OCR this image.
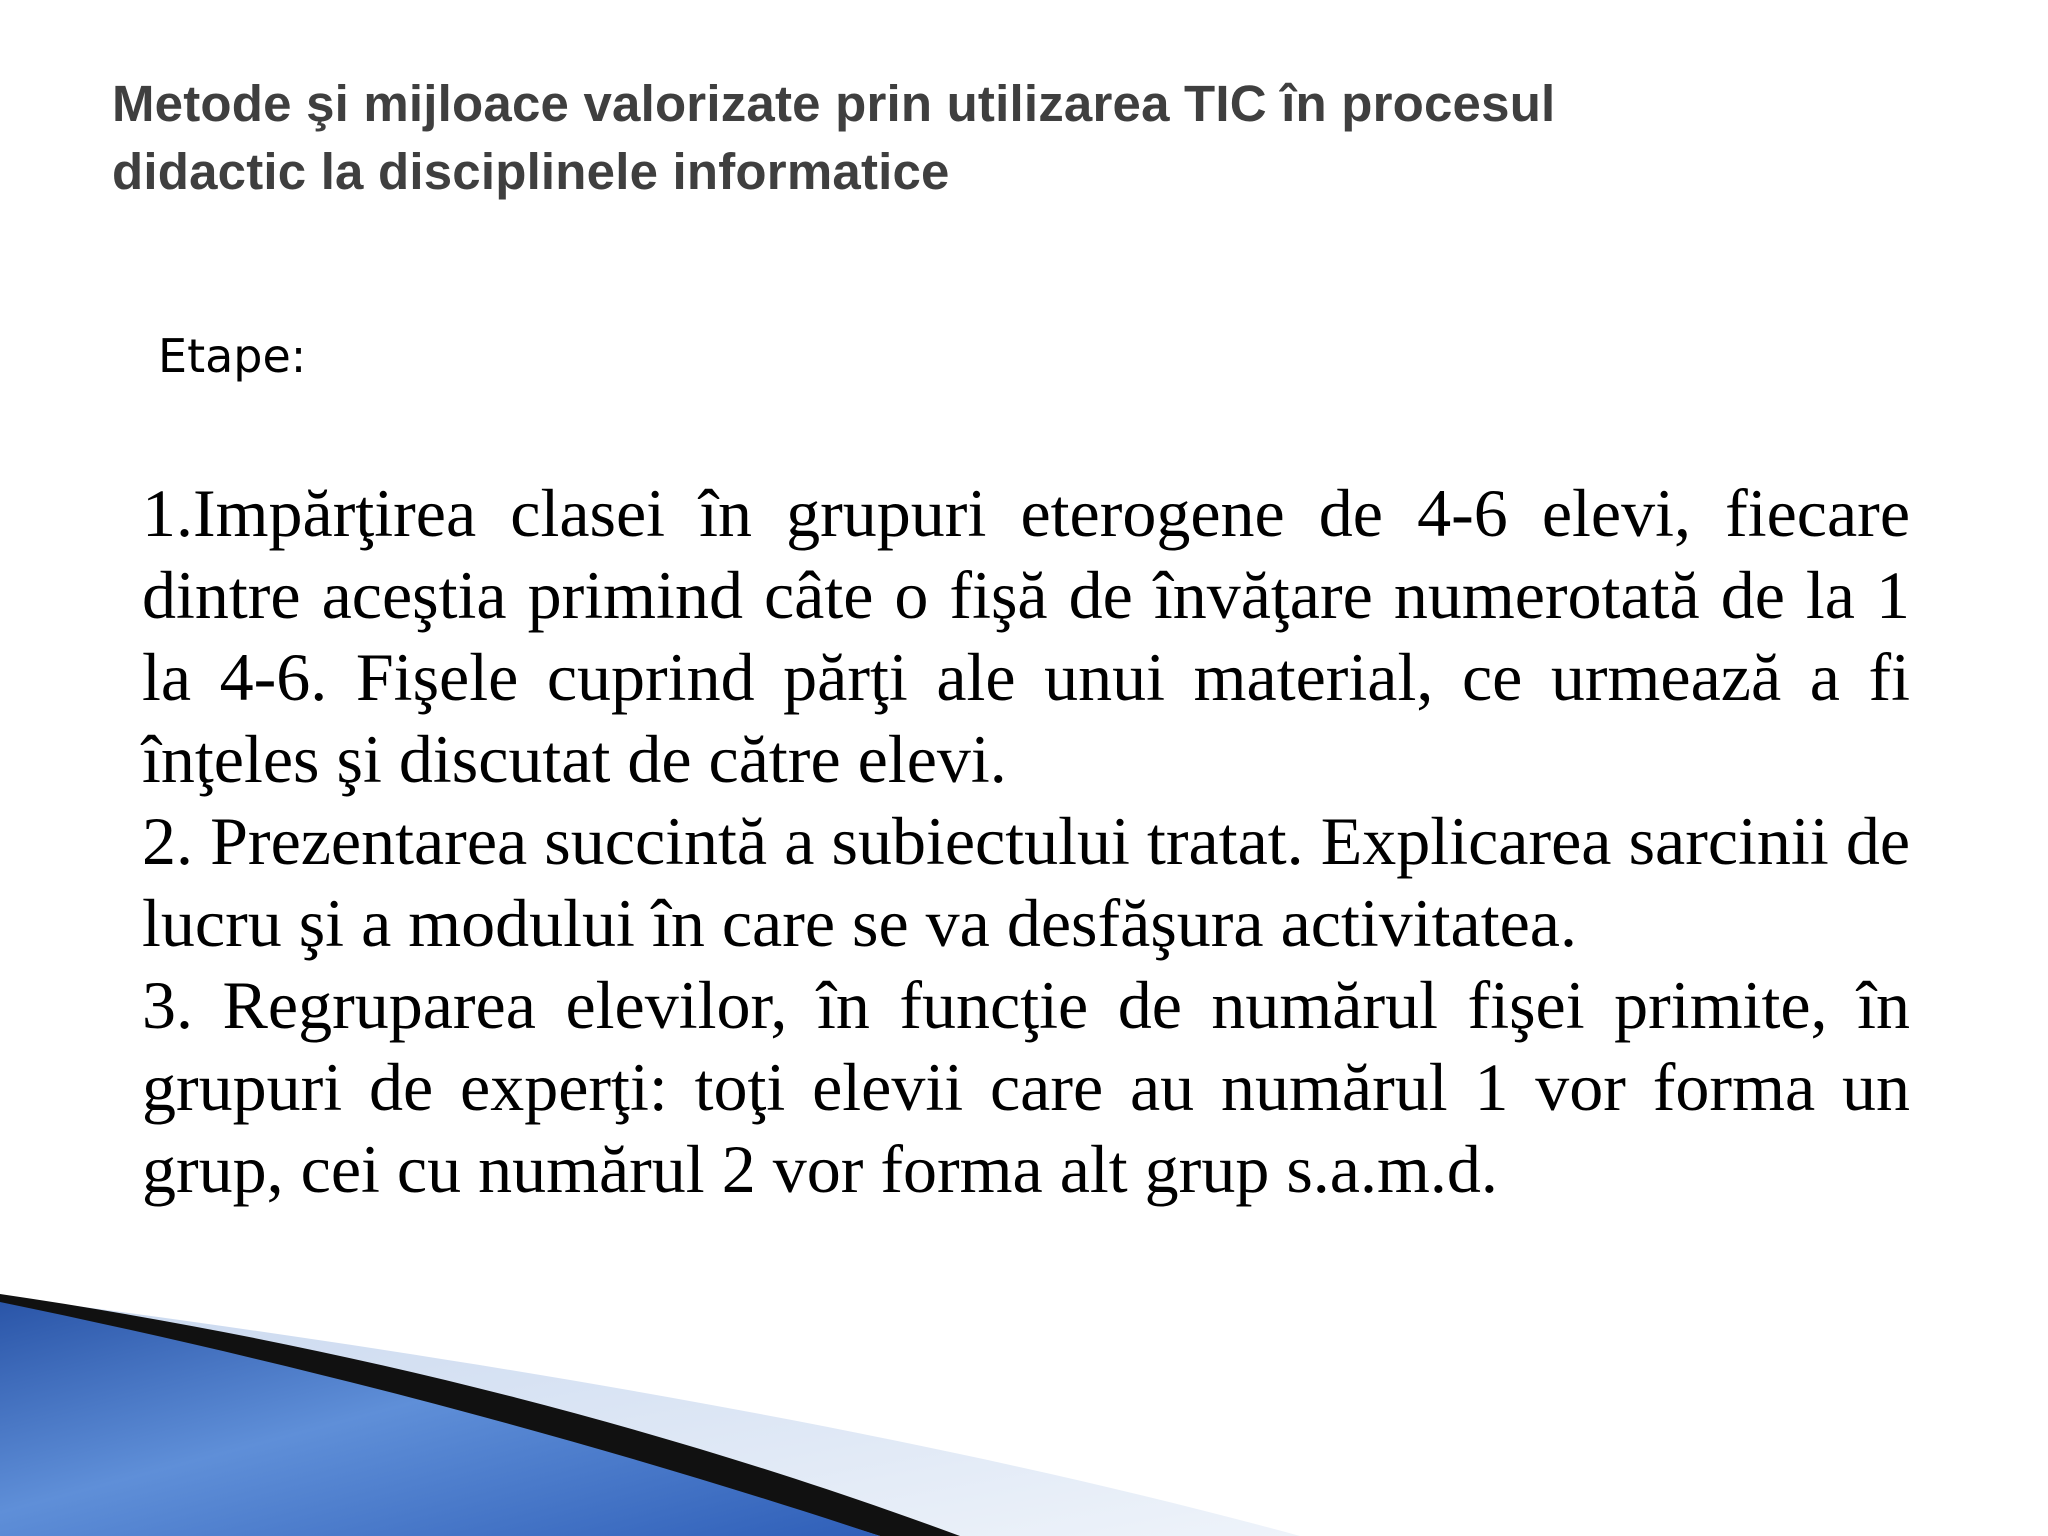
Metode şi mijloace valorizate prin utilizarea TIC în procesul didactic la disciplinele informatice
Etape:

1.Impărţirea clasei în grupuri eterogene de 4-6 elevi, fiecare dintre aceştia primind câte o fişă de învăţare numerotată de la 1 la 4-6. Fişele cuprind părţi ale unui material, ce urmează a fi înţeles şi discutat de către elevi.

2. Prezentarea succintă a subiectului tratat. Explicarea sarcinii de lucru şi a modului în care se va desfăşura activitatea.

3. Regruparea elevilor, în funcţie de numărul fişei primite, în grupuri de experţi: toţi elevii care au numărul 1 vor forma un grup, cei cu numărul 2 vor forma alt grup s.a.m.d.
